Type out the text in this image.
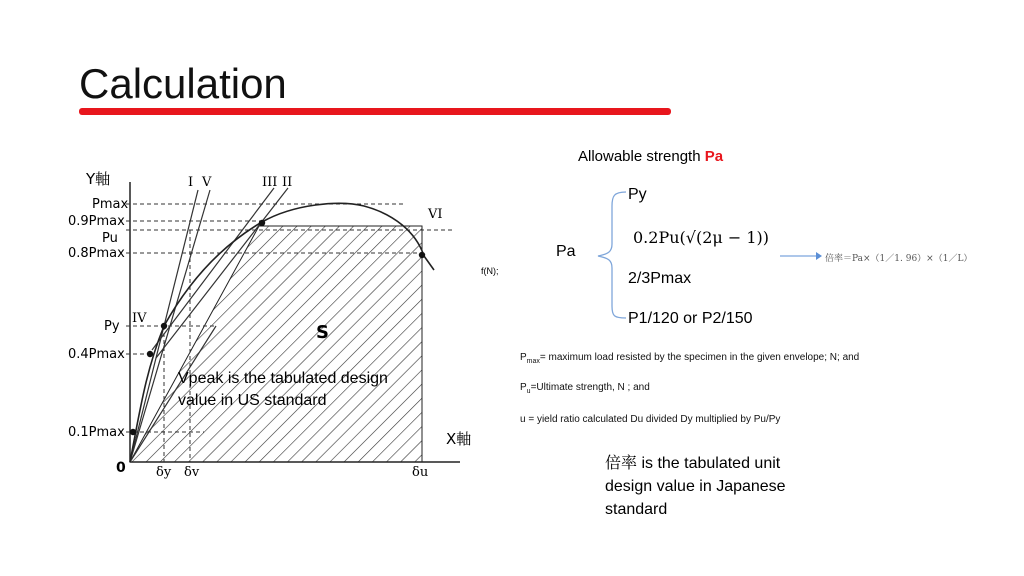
Calculation
Y軸
X軸
Pmax
0.9Pmax
Pu
0.8Pmax
Py
0.4Pmax
0.1Pmax
0 δy δv	δu
I V	III II
IV
VI
S
Vpeak is the tabulated design value in US standard
Allowable strength Pa
Py
0.2Pu(√(2μ − 1))
Pa
2/3Pmax
P1/120 or P2/150
f(N);
倍率＝Pa×（1／1. 96）×（1／L）
$P_{max}=$ maximum load resisted by the specimen in the given envelope; N; and
$P_u=Ultimate$ strength, N ; and
u = yield ratio calculated Du divided Dy multiplied by Pu/Py
倍率 is the tabulated unit design value in Japanese standard
